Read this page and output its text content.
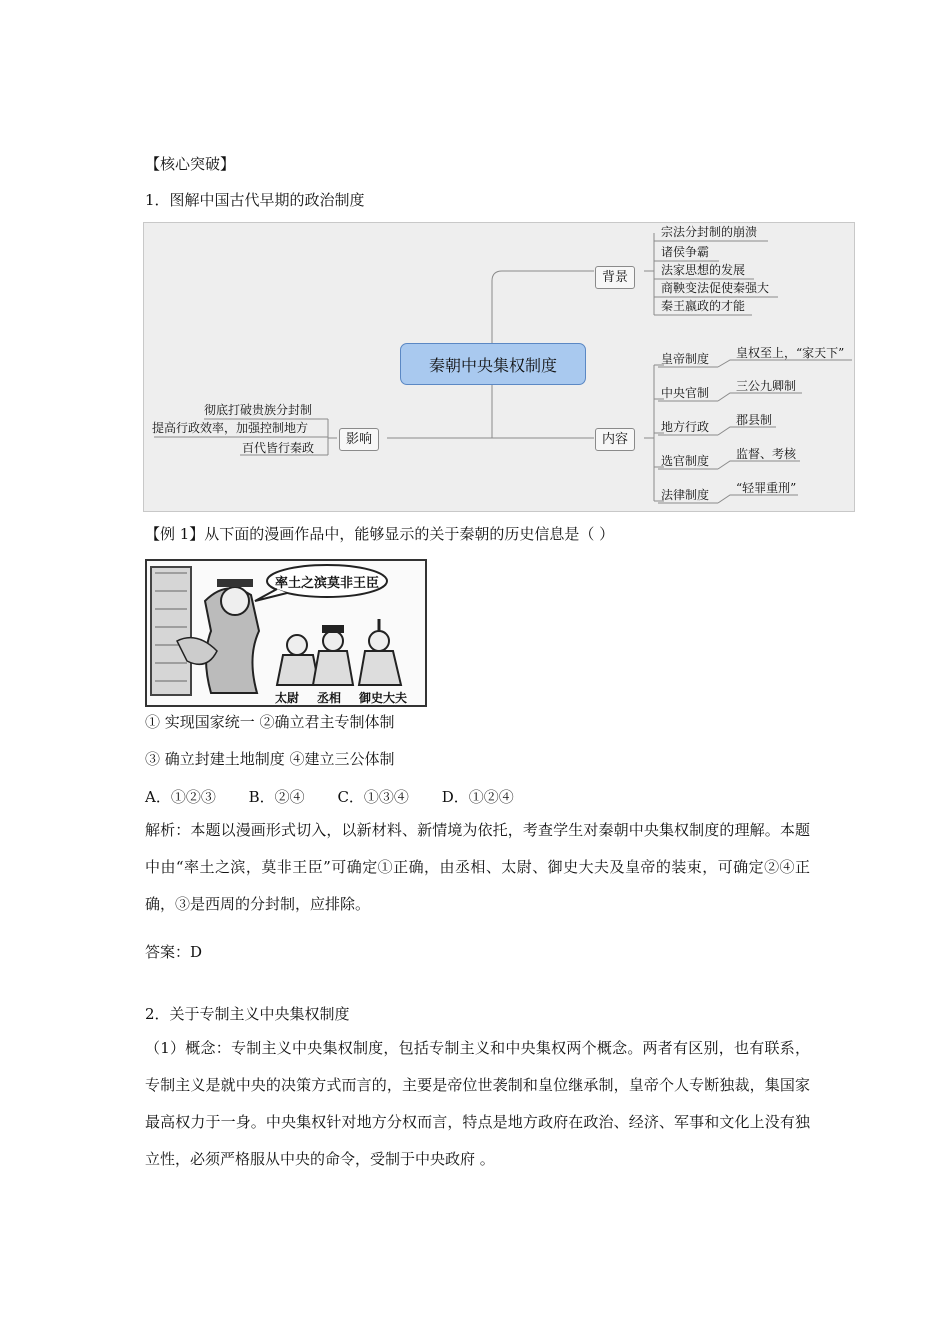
【核心突破】
1．图解中国古代早期的政治制度
秦朝中央集权制度
背景
内容
影响
宗法分封制的崩溃
诸侯争霸
法家思想的发展
商鞅变法促使秦强大
秦王嬴政的才能
皇帝制度 皇权至上，“家天下”
中央官制 三公九卿制
地方行政 郡县制
选官制度 监督、考核
法律制度 “轻罪重刑”
彻底打破贵族分封制
提高行政效率，加强控制地方
百代皆行秦政
【例 1】从下面的漫画作品中，能够显示的关于秦朝的历史信息是（ ）
率土之滨莫非王臣
太尉 丞相 御史大夫
① 实现国家统一 ②确立君主专制体制
③ 确立封建土地制度 ④建立三公体制
A．①②③ B．②④ C．①③④ D．①②④
解析：本题以漫画形式切入，以新材料、新情境为依托，考查学生对秦朝中央集权制度的理解。本题中由“率土之滨，莫非王臣”可确定①正确，由丞相、太尉、御史大夫及皇帝的装束，可确定②④正确，③是西周的分封制，应排除。
答案：D
2．关于专制主义中央集权制度
（1）概念：专制主义中央集权制度，包括专制主义和中央集权两个概念。两者有区别，也有联系，专制主义是就中央的决策方式而言的，主要是帝位世袭制和皇位继承制，皇帝个人专断独裁，集国家最高权力于一身。中央集权针对地方分权而言，特点是地方政府在政治、经济、军事和文化上没有独立性，必须严格服从中央的命令，受制于中央政府 。
